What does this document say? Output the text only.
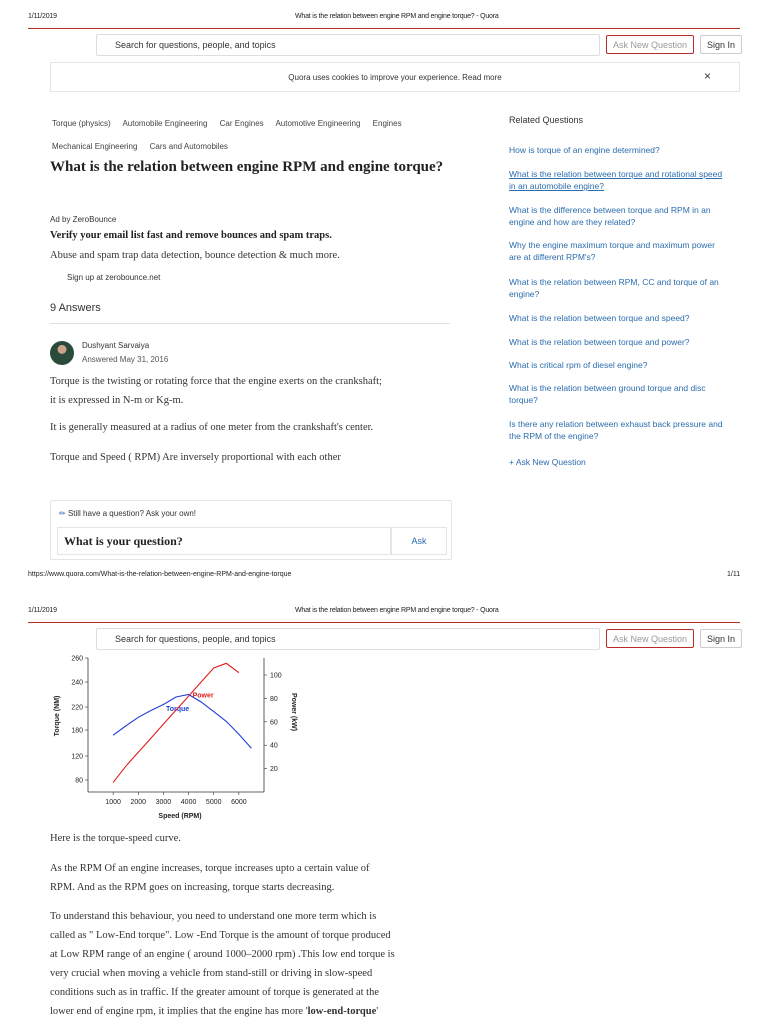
1/11/2019	What is the relation between engine RPM and engine torque? - Quora
Search for questions, people, and topics	Ask New Question	Sign In
Quora uses cookies to improve your experience. Read more	×
Torque (physics) Automobile Engineering Car Engines Automotive Engineering Engines
Mechanical Engineering Cars and Automobiles
What is the relation between engine RPM and engine torque?
Ad by ZeroBounce
Verify your email list fast and remove bounces and spam traps.
Abuse and spam trap data detection, bounce detection & much more.
Sign up at zerobounce.net
9 Answers
Dushyant Sarvaiya
Answered May 31, 2016
Torque is the twisting or rotating force that the engine exerts on the crankshaft;
it is expressed in N-m or Kg-m.
It is generally measured at a radius of one meter from the crankshaft's center.
Torque and Speed ( RPM) Are inversely proportional with each other
✏ Still have a question? Ask your own!
What is your question?	Ask
Related Questions
How is torque of an engine determined?
What is the relation between torque and rotational speed in an automobile engine?
What is the difference between torque and RPM in an engine and how are they related?
Why the engine maximum torque and maximum power are at different RPM's?
What is the relation between RPM, CC and torque of an engine?
What is the relation between torque and speed?
What is the relation between torque and power?
What is critical rpm of diesel engine?
What is the relation between ground torque and disc torque?
Is there any relation between exhaust back pressure and the RPM of the engine?
+ Ask New Question
https://www.quora.com/What-is-the-relation-between-engine-RPM-and-engine-torque	1/11
1/11/2019	What is the relation between engine RPM and engine torque? - Quora
Search for questions, people, and topics	Ask New Question	Sign In
80
120
180
220
240
260
20
40
60
80
100
1000 2000 3000 4000 5000 6000
Torque
Power
Speed (RPM)
Torque (NM)	Power (kW)
Here is the torque-speed curve.
As the RPM Of an engine increases, torque increases upto a certain value of
RPM. And as the RPM goes on increasing, torque starts decreasing.
To understand this behaviour, you need to understand one more term which is
called as " Low-End torque". Low -End Torque is the amount of torque produced
at Low RPM range of an engine ( around 1000–2000 rpm) .This low end torque is
very crucial when moving a vehicle from stand-still or driving in slow-speed
conditions such as in traffic. If the greater amount of torque is generated at the
lower end of engine rpm, it implies that the engine has more 'low-end-torque'
